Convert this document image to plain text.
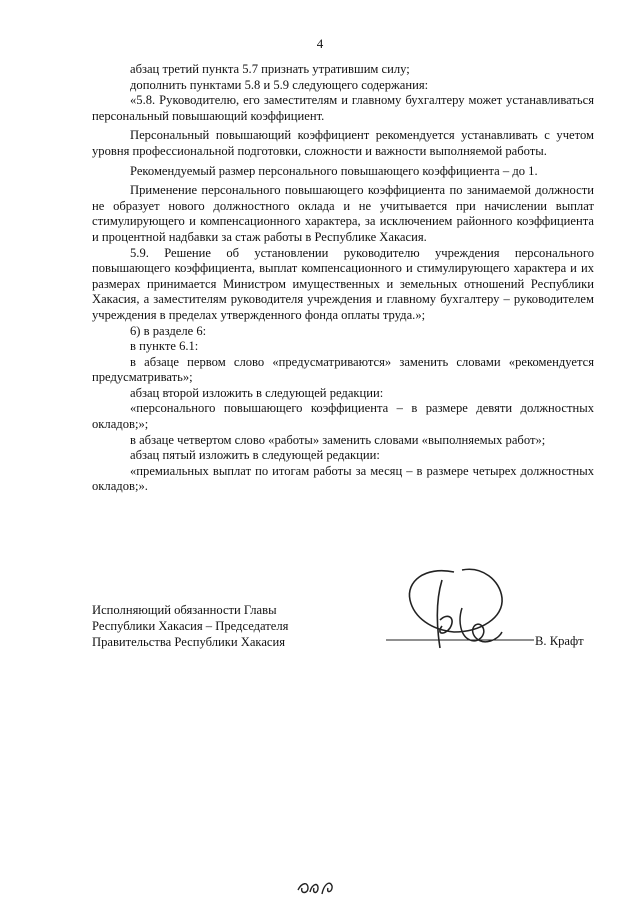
4

абзац третий пункта 5.7 признать утратившим силу;

дополнить пунктами 5.8 и 5.9 следующего содержания:

«5.8. Руководителю, его заместителям и главному бухгалтеру может устанавливаться персональный повышающий коэффициент.

Персональный повышающий коэффициент рекомендуется устанавливать с учетом уровня профессиональной подготовки, сложности и важности выполняемой работы.

Рекомендуемый размер персонального повышающего коэффициента – до 1.

Применение персонального повышающего коэффициента по занимаемой должности не образует нового должностного оклада и не учитывается при начислении выплат стимулирующего и компенсационного характера, за исключением районного коэффициента и процентной надбавки за стаж работы в Республике Хакасия.

5.9. Решение об установлении руководителю учреждения персонального повышающего коэффициента, выплат компенсационного и стимулирующего характера и их размерах принимается Министром имущественных и земельных отношений Республики Хакасия, а заместителям руководителя учреждения и главному бухгалтеру – руководителем учреждения в пределах утвержденного фонда оплаты труда.»;

6) в разделе 6:

в пункте 6.1:

в абзаце первом слово «предусматриваются» заменить словами «рекомендуется предусматривать»;

абзац второй изложить в следующей редакции:

«персонального повышающего коэффициента – в размере девяти должностных окладов;»;

в абзаце четвертом слово «работы» заменить словами «выполняемых работ»;

абзац пятый изложить в следующей редакции:

«премиальных выплат по итогам работы за месяц – в размере четырех должностных окладов;».

Исполняющий обязанности Главы
Республики Хакасия – Председателя
Правительства Республики Хакасия	В. Крафт
